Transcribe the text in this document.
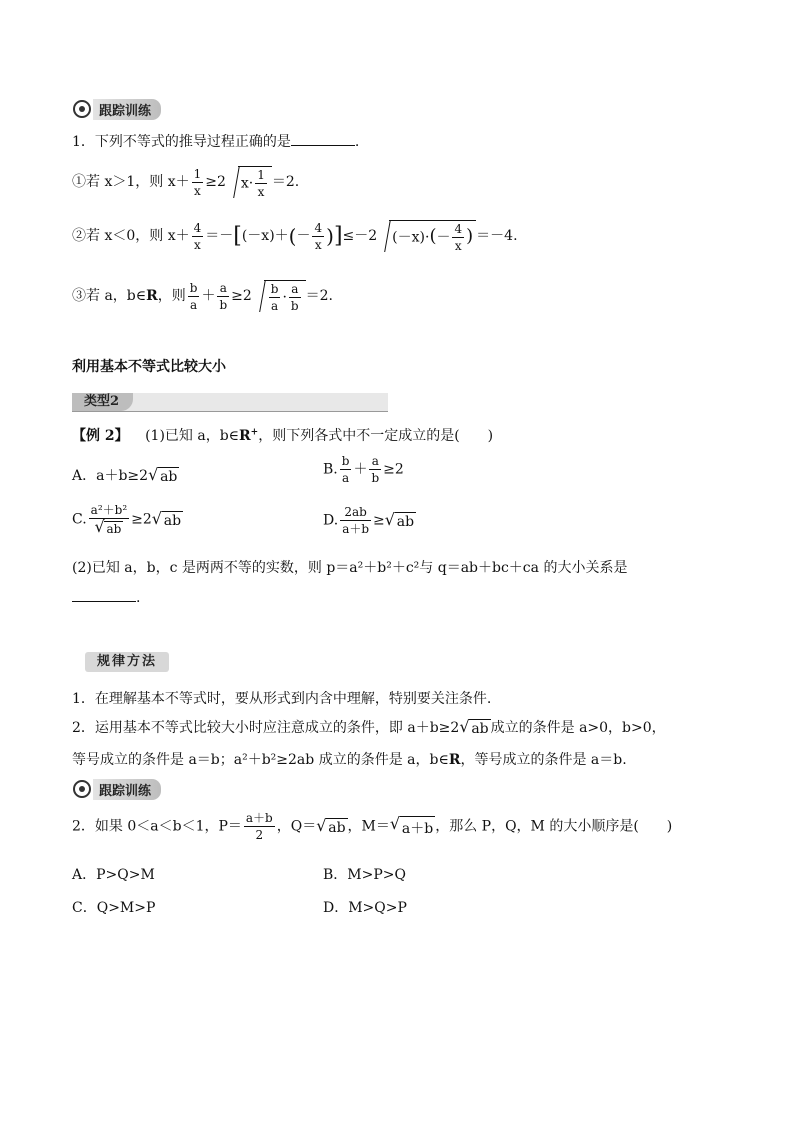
跟踪训练
1．下列不等式的推导过程正确的是	.
①若 x＞1，则 $x+ \frac{1}{x} \ge 2$ $x\cdot \frac{1}{x} =2$.
②若 x＜0，则 $x+ \frac{4}{x} =-[(-x)+(- \frac{4}{x} )]\le-2$ $(-x)\cdot(- \frac{4}{x}$ ) ＝－4.
③若 a，b∈R，则 $\frac{b}{a} + \frac{a}{b} \ge 2 \frac{b}{a} \cdot \frac{a}{b} =2$.
利用基本不等式比较大小
类型2
【例 2】 (1)已知 a，b∈R+，则下列各式中不一定成立的是(　　)
A．a＋b≥2 √ ab	B. $\frac{b}{a} + \frac{a}{b} \ge 2$
C. a²＋b²
√ ab ≥2 √ ab	D. $\frac{2ab}{a+b}$ ≥ √ ab
(2)已知 a，b，c 是两两不等的实数，则 p＝a²＋b²＋c²与 q＝ab＋bc＋ca 的大小关系是
.
规律方法
1．在理解基本不等式时，要从形式到内含中理解，特别要关注条件.
2．运用基本不等式比较大小时应注意成立的条件，即 a＋b≥2 √ ab 成立的条件是 a>0，b>0，
等号成立的条件是 a＝b；a²＋b²≥2ab 成立的条件是 a，b∈R，等号成立的条件是 a＝b.
跟踪训练
2．如果 0＜a＜b＜1，$P= \frac{a+b}{2}$ ，Q＝ √ ab ，M＝ √ a＋b ，那么 P，Q，M 的大小顺序是(　　)
A．P>Q>M	B．M>P>Q
C．Q>M>P	D．M>Q>P
